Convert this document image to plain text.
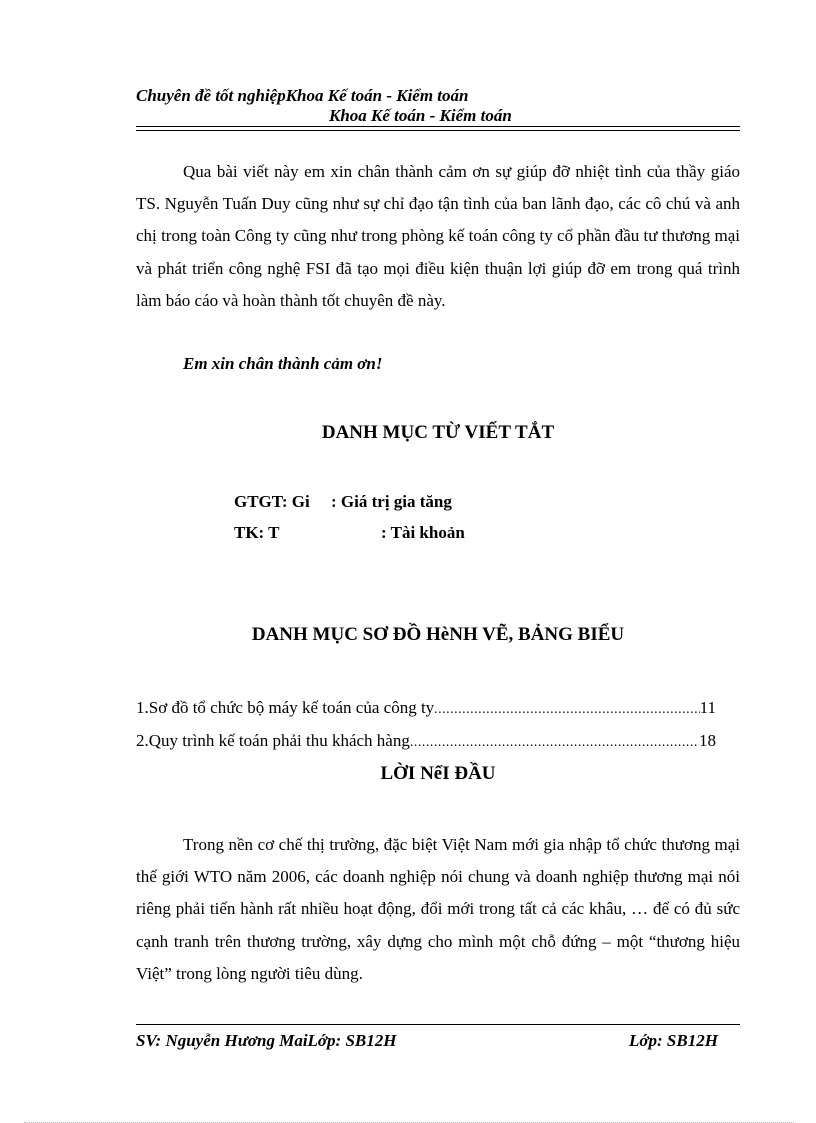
Chuyên đề tốt nghiệpKhoa Kế toán - Kiểm toán
Khoa Kế toán - Kiểm toán

Qua bài viết này em xin chân thành cảm ơn sự giúp đỡ nhiệt tình của thầy giáo TS. Nguyễn Tuấn Duy cũng như sự chỉ đạo tận tình của ban lãnh đạo, các cô chú và anh chị trong toàn Công ty cũng như trong phòng kế toán công ty cổ phần đầu tư thương mại và phát triển công nghệ FSI đã tạo mọi điều kiện thuận lợi giúp đỡ em trong quá trình làm báo cáo và hoàn thành tốt chuyên đề này.

Em xin chân thành cảm ơn!
DANH MỤC TỪ VIẾT TẮT
GTGT: Gi : Giá trị gia tăng
TK: T	: Tài khoản
DANH MỤC SƠ ĐỒ HèNH VẼ, BẢNG BIỂU
1. Sơ đồ tổ chức bộ máy kế toán của công ty .....	11
2. Quy trình kế toán phải thu khách hàng .....	18
LỜI NểI ĐẦU

Trong nền cơ chế thị trường, đặc biệt Việt Nam mới gia nhập tổ chức thương mại thế giới WTO năm 2006, các doanh nghiệp nói chung và doanh nghiệp thương mại nói riêng phải tiến hành rất nhiều hoạt động, đổi mới trong tất cả các khâu, … để có đủ sức cạnh tranh trên thương trường, xây dựng cho mình một chỗ đứng – một “thương hiệu Việt” trong lòng người tiêu dùng.

SV: Nguyễn Hương MaiLớp: SB12H	Lớp: SB12H
